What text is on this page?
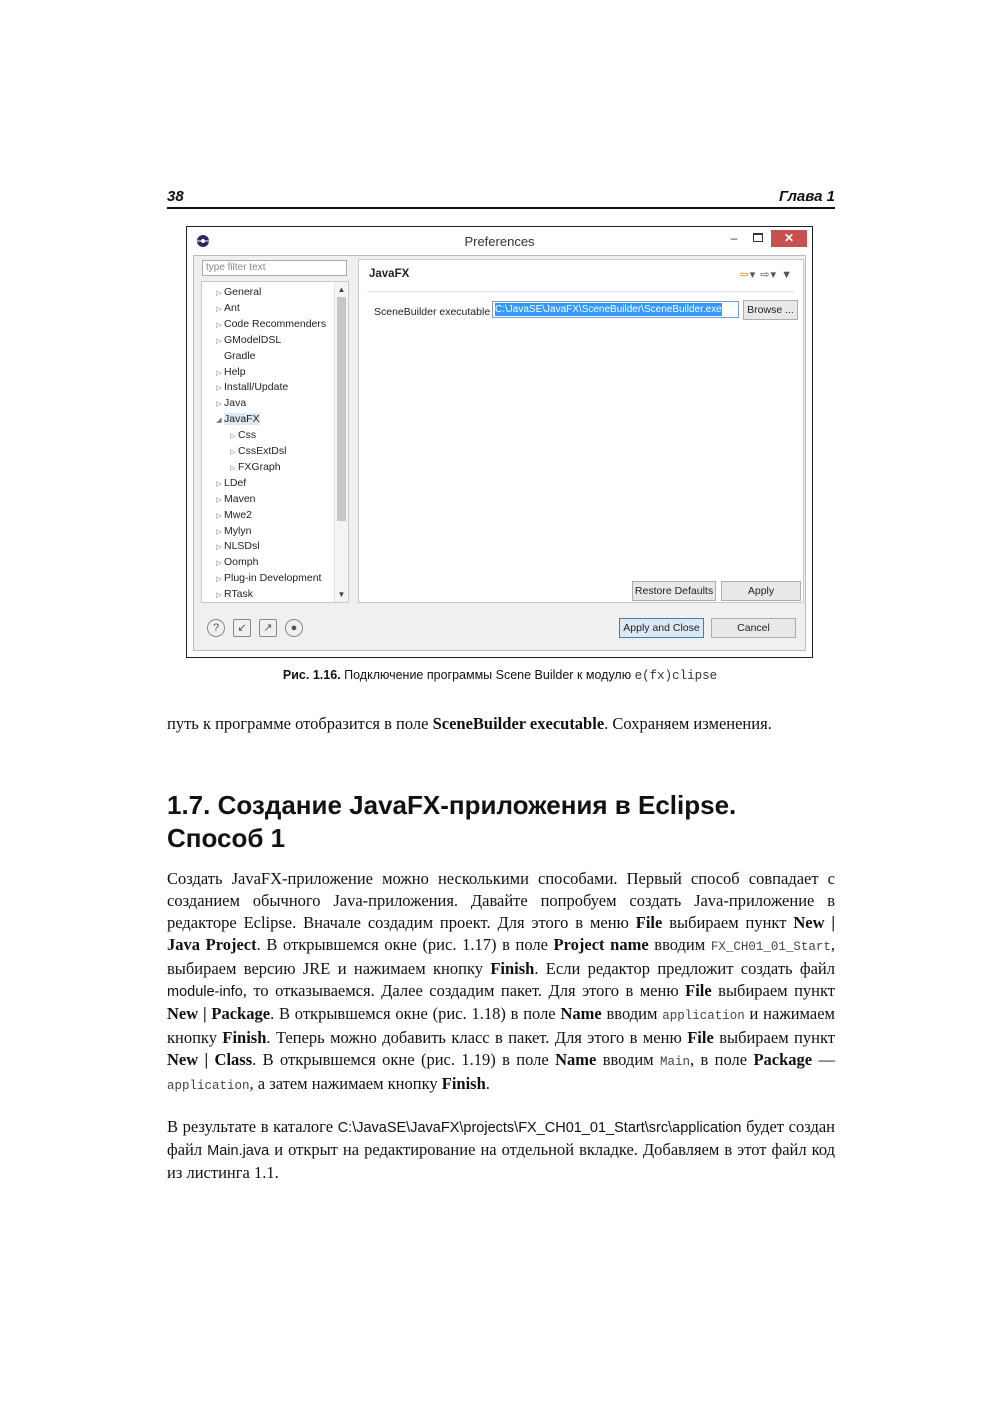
38	Глава 1
Preferences	–	✕
type filter text
▷ General
▷ Ant
▷ Code Recommenders
▷ GModelDSL
Gradle
▷ Help
▷ Install/Update
▷ Java
◢ JavaFX
▷ Css
▷ CssExtDsl
▷ FXGraph
▷ LDef
▷ Maven
▷ Mwe2
▷ Mylyn
▷ NLSDsl
▷ Oomph
▷ Plug-in Development
▷ RTask
▲
▼
JavaFX	⇦▾ ⇨▾ ▼
SceneBuilder executable C:\JavaSE\JavaFX\SceneBuilder\SceneBuilder.exe	Browse ...
Restore Defaults	Apply
? ↙ ↗ ●	Apply and Close	Cancel
Рис. 1.16. Подключение программы Scene Builder к модулю e(fx)clipse
путь к программе отобразится в поле SceneBuilder executable. Сохраняем изменения.
1.7. Создание JavaFX-приложения в Eclipse. Способ 1
Создать JavaFX-приложение можно несколькими способами. Первый способ совпадает с созданием обычного Java-приложения. Давайте попробуем создать Java-приложение в редакторе Eclipse. Вначале создадим проект. Для этого в меню File выбираем пункт New | Java Project. В открывшемся окне (рис. 1.17) в поле Project name вводим FX_CH01_01_Start, выбираем версию JRE и нажимаем кнопку Finish. Если редактор предложит создать файл module-info, то отказываемся. Далее создадим пакет. Для этого в меню File выбираем пункт New | Package. В открывшемся окне (рис. 1.18) в поле Name вводим application и нажимаем кнопку Finish. Теперь можно добавить класс в пакет. Для этого в меню File выбираем пункт New | Class. В открывшемся окне (рис. 1.19) в поле Name вводим Main, в поле Package — application, а затем нажимаем кнопку Finish.
В результате в каталоге C:\JavaSE\JavaFX\projects\FX_CH01_01_Start\src\application будет создан файл Main.java и открыт на редактирование на отдельной вкладке. Добавляем в этот файл код из листинга 1.1.
